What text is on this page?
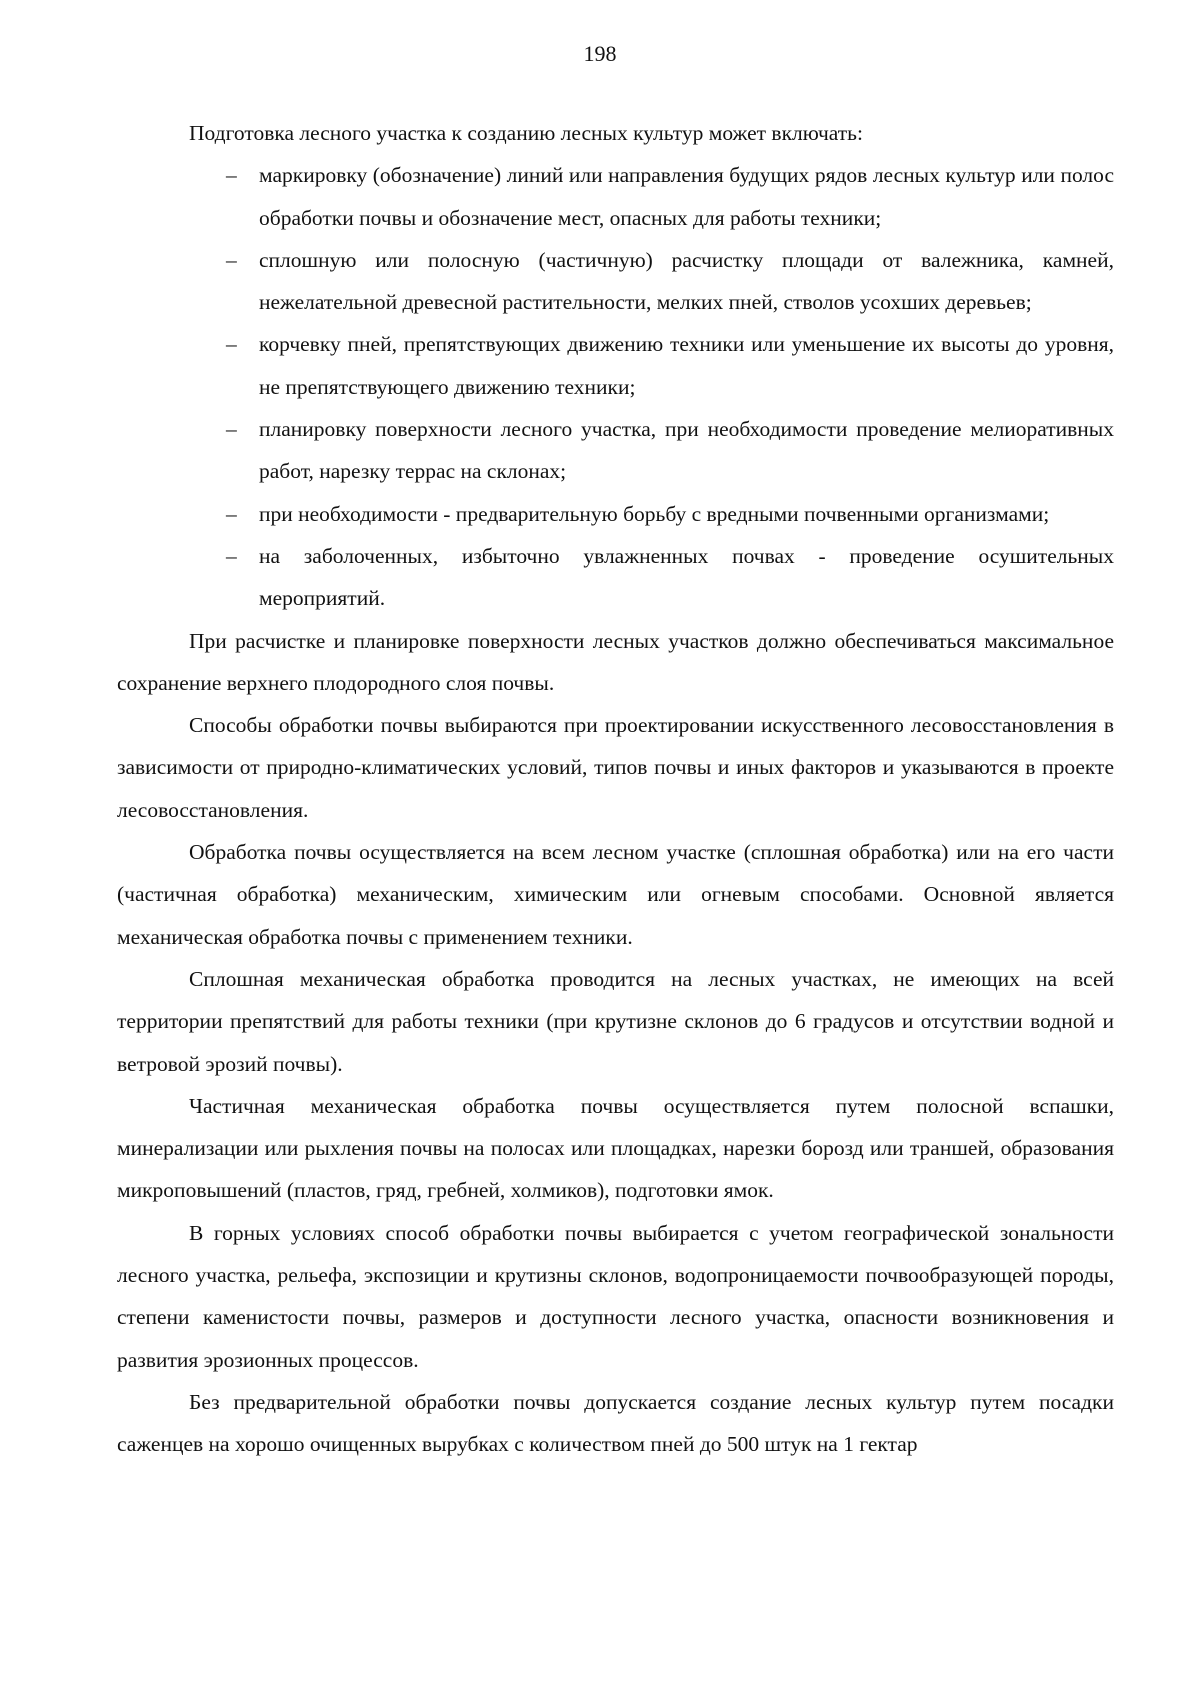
198

Подготовка лесного участка к созданию лесных культур может включать:

– маркировку (обозначение) линий или направления будущих рядов лесных культур или полос обработки почвы и обозначение мест, опасных для работы техники;
– сплошную или полосную (частичную) расчистку площади от валежника, камней, нежелательной древесной растительности, мелких пней, стволов усохших деревьев;
– корчевку пней, препятствующих движению техники или уменьшение их высоты до уровня, не препятствующего движению техники;
– планировку поверхности лесного участка, при необходимости проведение мелиоративных работ, нарезку террас на склонах;
– при необходимости - предварительную борьбу с вредными почвенными организмами;
– на заболоченных, избыточно увлажненных почвах - проведение осушительных мероприятий.

При расчистке и планировке поверхности лесных участков должно обеспечиваться максимальное сохранение верхнего плодородного слоя почвы.

Способы обработки почвы выбираются при проектировании искусственного лесовосстановления в зависимости от природно-климатических условий, типов почвы и иных факторов и указываются в проекте лесовосстановления.

Обработка почвы осуществляется на всем лесном участке (сплошная обработка) или на его части (частичная обработка) механическим, химическим или огневым способами. Основной является механическая обработка почвы с применением техники.

Сплошная механическая обработка проводится на лесных участках, не имеющих на всей территории препятствий для работы техники (при крутизне склонов до 6 градусов и отсутствии водной и ветровой эрозий почвы).

Частичная механическая обработка почвы осуществляется путем полосной вспашки, минерализации или рыхления почвы на полосах или площадках, нарезки борозд или траншей, образования микроповышений (пластов, гряд, гребней, холмиков), подготовки ямок.

В горных условиях способ обработки почвы выбирается с учетом географической зональности лесного участка, рельефа, экспозиции и крутизны склонов, водопроницаемости почвообразующей породы, степени каменистости почвы, размеров и доступности лесного участка, опасности возникновения и развития эрозионных процессов.

Без предварительной обработки почвы допускается создание лесных культур путем посадки саженцев на хорошо очищенных вырубках с количеством пней до 500 штук на 1 гектар
